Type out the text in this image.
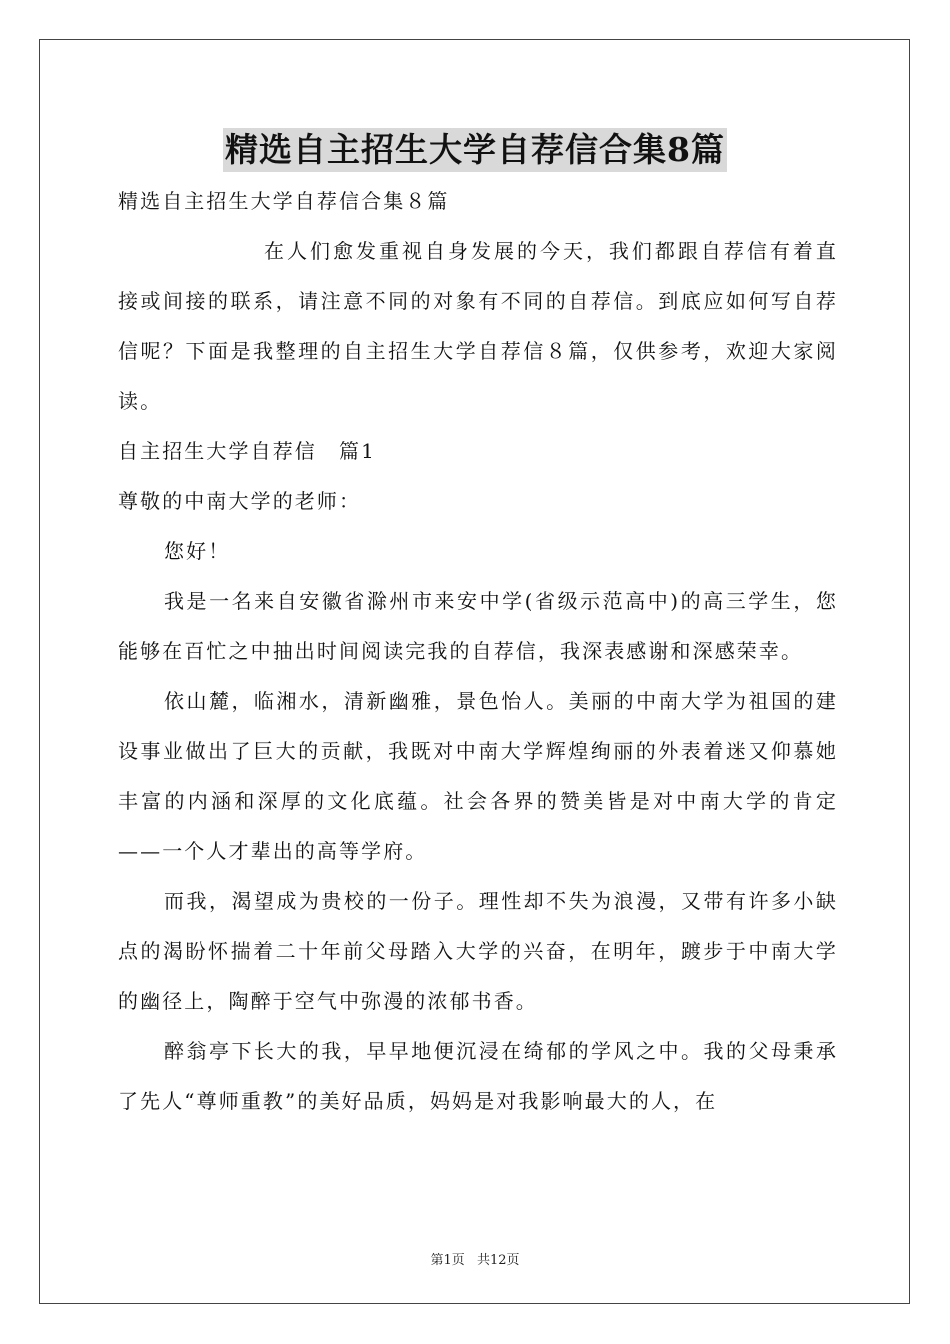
精选自主招生大学自荐信合集8篇

精选自主招生大学自荐信合集８篇

在人们愈发重视自身发展的今天，我们都跟自荐信有着直接或间接的联系，请注意不同的对象有不同的自荐信。到底应如何写自荐信呢？下面是我整理的自主招生大学自荐信８篇，仅供参考，欢迎大家阅读。

自主招生大学自荐信　篇1

尊敬的中南大学的老师：

您好！

我是一名来自安徽省滁州市来安中学(省级示范高中)的高三学生，您能够在百忙之中抽出时间阅读完我的自荐信，我深表感谢和深感荣幸。

依山麓，临湘水，清新幽雅，景色怡人。美丽的中南大学为祖国的建设事业做出了巨大的贡献，我既对中南大学辉煌绚丽的外表着迷又仰慕她丰富的内涵和深厚的文化底蕴。社会各界的赞美皆是对中南大学的肯定——一个人才辈出的高等学府。

而我，渴望成为贵校的一份子。理性却不失为浪漫，又带有许多小缺点的渴盼怀揣着二十年前父母踏入大学的兴奋，在明年，踱步于中南大学的幽径上，陶醉于空气中弥漫的浓郁书香。

醉翁亭下长大的我，早早地便沉浸在绮郁的学风之中。我的父母秉承了先人“尊师重教”的美好品质，妈妈是对我影响最大的人，在

第1页 共12页
